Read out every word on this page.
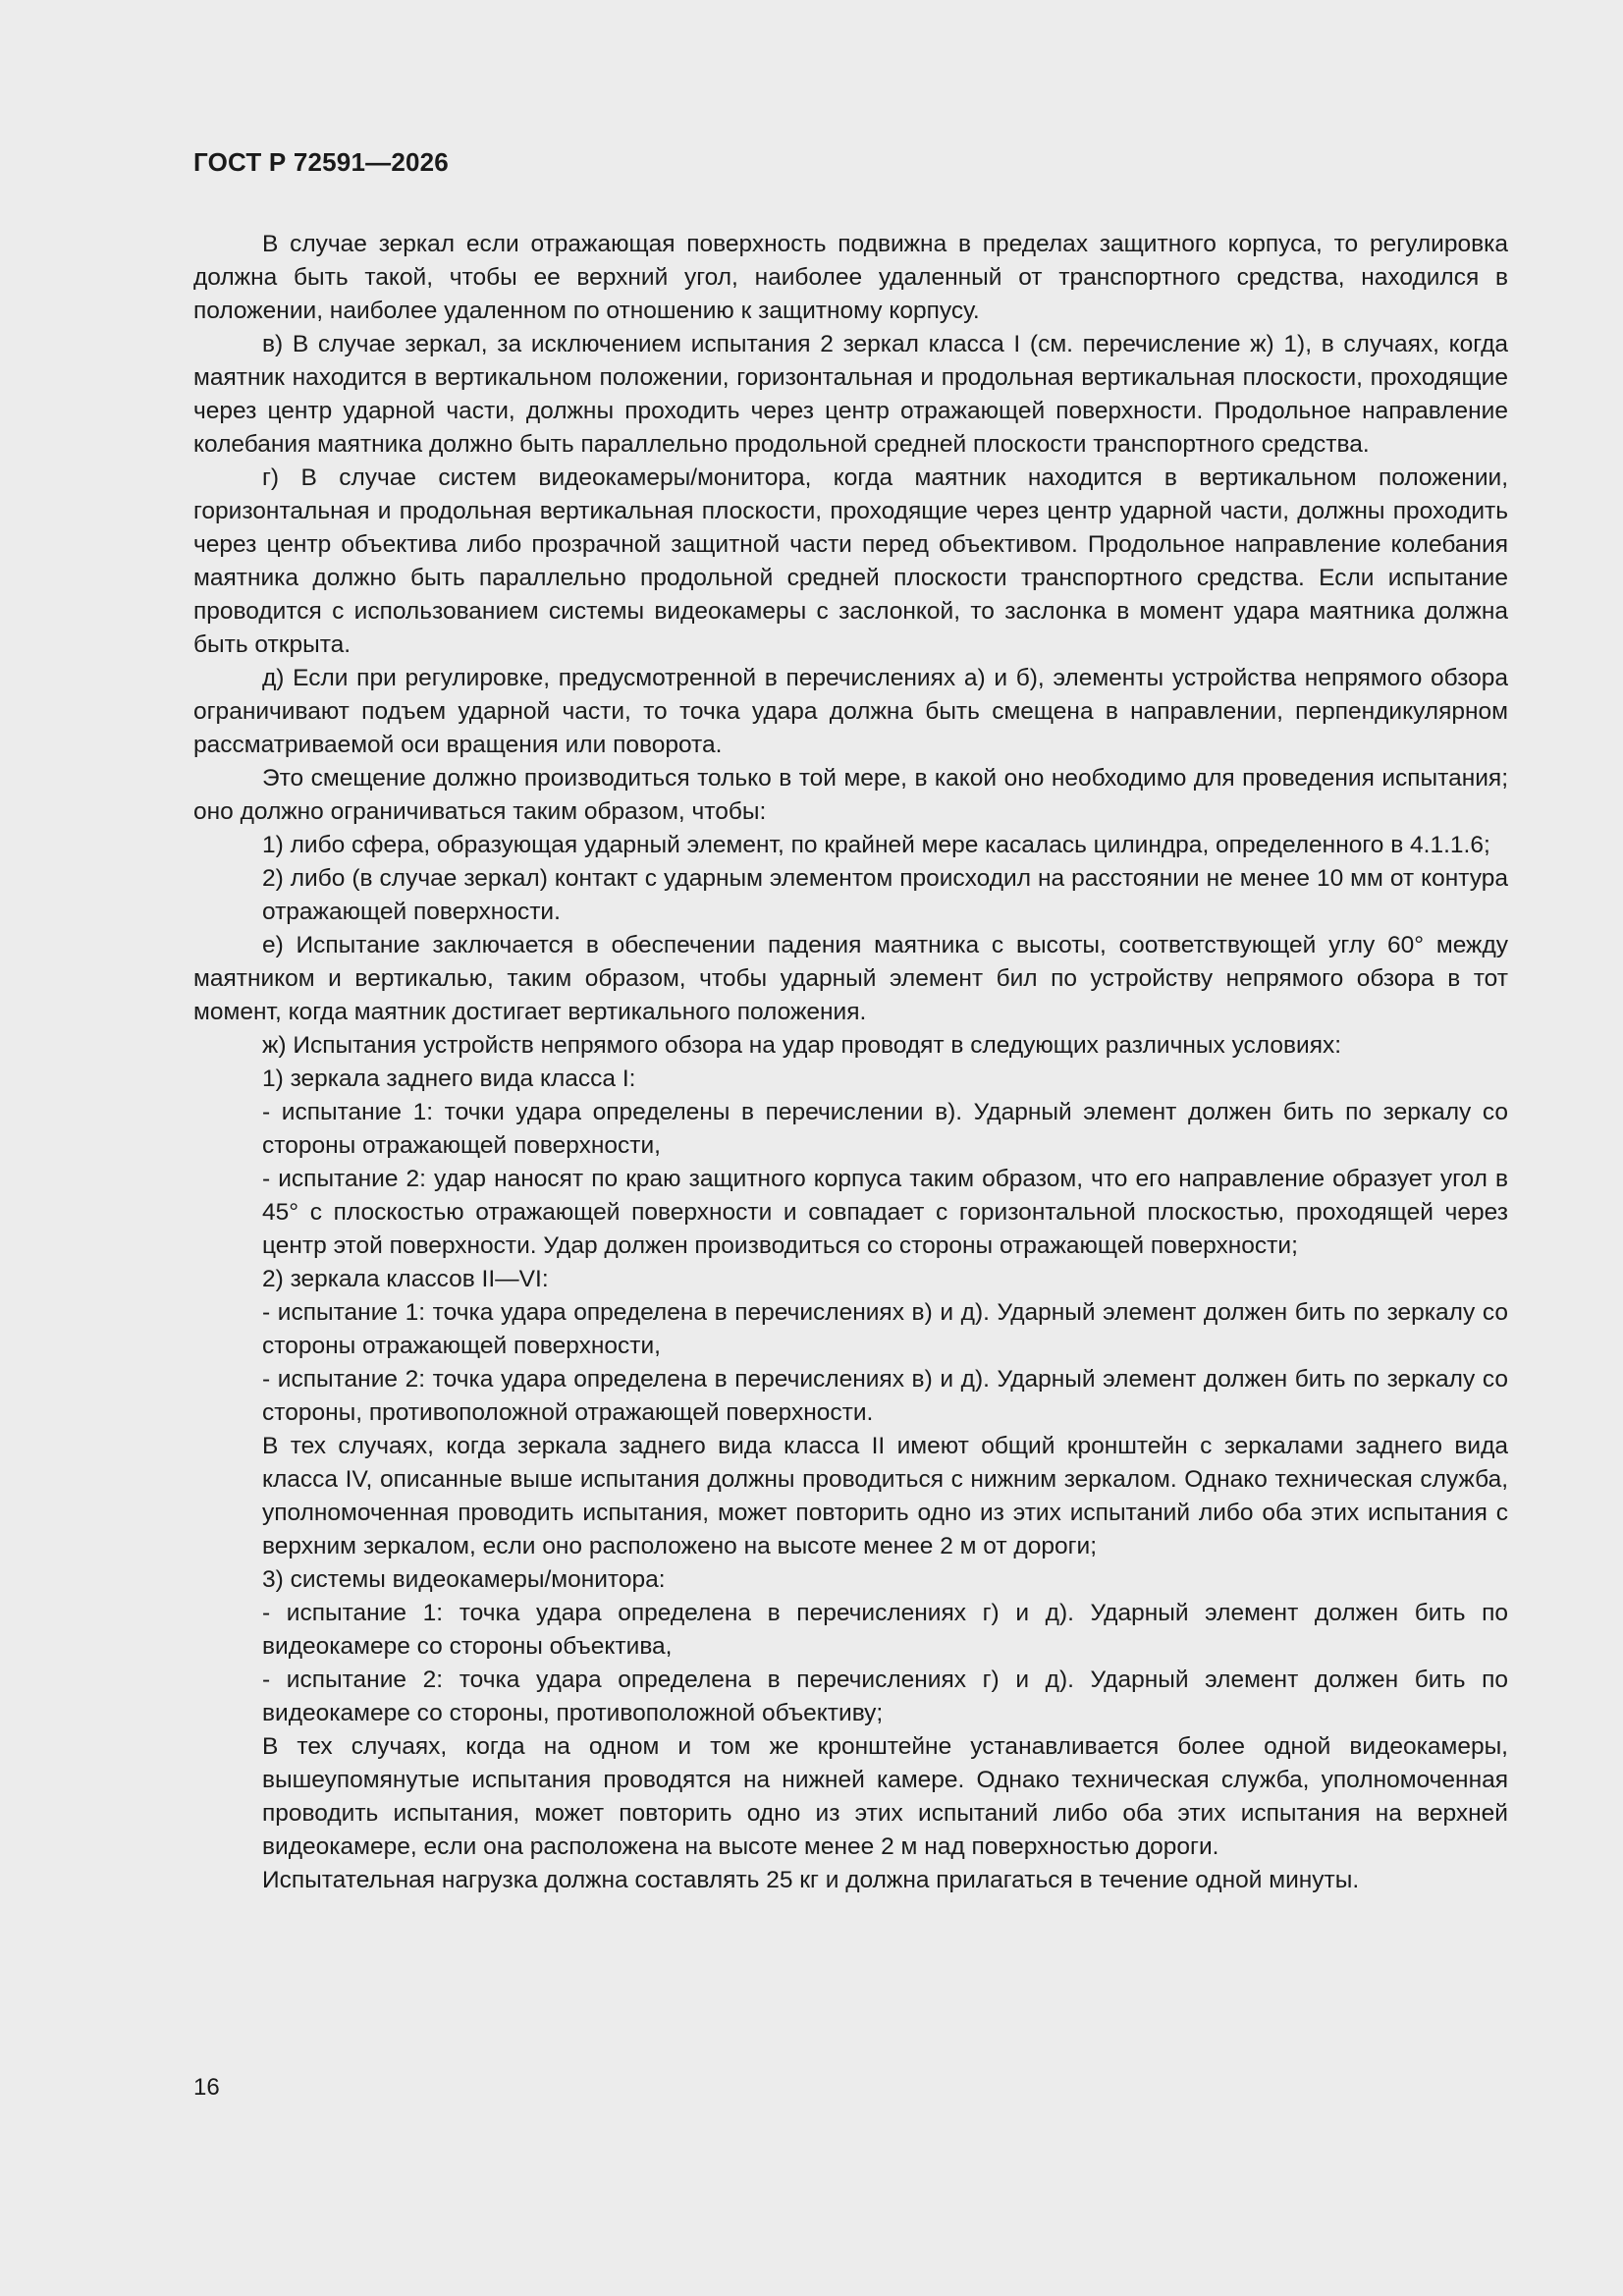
ГОСТ Р 72591—2026

В случае зеркал если отражающая поверхность подвижна в пределах защитного корпуса, то регулировка должна быть такой, чтобы ее верхний угол, наиболее удаленный от транспортного средства, находился в положении, наиболее удаленном по отношению к защитному корпусу.

в) В случае зеркал, за исключением испытания 2 зеркал класса I (см. перечисление ж) 1), в случаях, когда маятник находится в вертикальном положении, горизонтальная и продольная вертикальная плоскости, проходящие через центр ударной части, должны проходить через центр отражающей поверхности. Продольное направление колебания маятника должно быть параллельно продольной средней плоскости транспортного средства.

г) В случае систем видеокамеры/монитора, когда маятник находится в вертикальном положении, горизонтальная и продольная вертикальная плоскости, проходящие через центр ударной части, должны проходить через центр объектива либо прозрачной защитной части перед объективом. Продольное направление колебания маятника должно быть параллельно продольной средней плоскости транспортного средства. Если испытание проводится с использованием системы видеокамеры с заслонкой, то заслонка в момент удара маятника должна быть открыта.

д) Если при регулировке, предусмотренной в перечислениях а) и б), элементы устройства непрямого обзора ограничивают подъем ударной части, то точка удара должна быть смещена в направлении, перпендикулярном рассматриваемой оси вращения или поворота.

Это смещение должно производиться только в той мере, в какой оно необходимо для проведения испытания; оно должно ограничиваться таким образом, чтобы:

1) либо сфера, образующая ударный элемент, по крайней мере касалась цилиндра, определенного в 4.1.1.6;

2) либо (в случае зеркал) контакт с ударным элементом происходил на расстоянии не менее 10 мм от контура отражающей поверхности.

е) Испытание заключается в обеспечении падения маятника с высоты, соответствующей углу 60° между маятником и вертикалью, таким образом, чтобы ударный элемент бил по устройству непрямого обзора в тот момент, когда маятник достигает вертикального положения.

ж) Испытания устройств непрямого обзора на удар проводят в следующих различных условиях:

1) зеркала заднего вида класса I:

- испытание 1: точки удара определены в перечислении в). Ударный элемент должен бить по зеркалу со стороны отражающей поверхности,

- испытание 2: удар наносят по краю защитного корпуса таким образом, что его направление образует угол в 45° с плоскостью отражающей поверхности и совпадает с горизонтальной плоскостью, проходящей через центр этой поверхности. Удар должен производиться со стороны отражающей поверхности;

2) зеркала классов II—VI:

- испытание 1: точка удара определена в перечислениях в) и д). Ударный элемент должен бить по зеркалу со стороны отражающей поверхности,

- испытание 2: точка удара определена в перечислениях в) и д). Ударный элемент должен бить по зеркалу со стороны, противоположной отражающей поверхности.

В тех случаях, когда зеркала заднего вида класса II имеют общий кронштейн с зеркалами заднего вида класса IV, описанные выше испытания должны проводиться с нижним зеркалом. Однако техническая служба, уполномоченная проводить испытания, может повторить одно из этих испытаний либо оба этих испытания с верхним зеркалом, если оно расположено на высоте менее 2 м от дороги;

3) системы видеокамеры/монитора:

- испытание 1: точка удара определена в перечислениях г) и д). Ударный элемент должен бить по видеокамере со стороны объектива,

- испытание 2: точка удара определена в перечислениях г) и д). Ударный элемент должен бить по видеокамере со стороны, противоположной объективу;

В тех случаях, когда на одном и том же кронштейне устанавливается более одной видеокамеры, вышеупомянутые испытания проводятся на нижней камере. Однако техническая служба, уполномоченная проводить испытания, может повторить одно из этих испытаний либо оба этих испытания на верхней видеокамере, если она расположена на высоте менее 2 м над поверхностью дороги.

Испытательная нагрузка должна составлять 25 кг и должна прилагаться в течение одной минуты.

16
